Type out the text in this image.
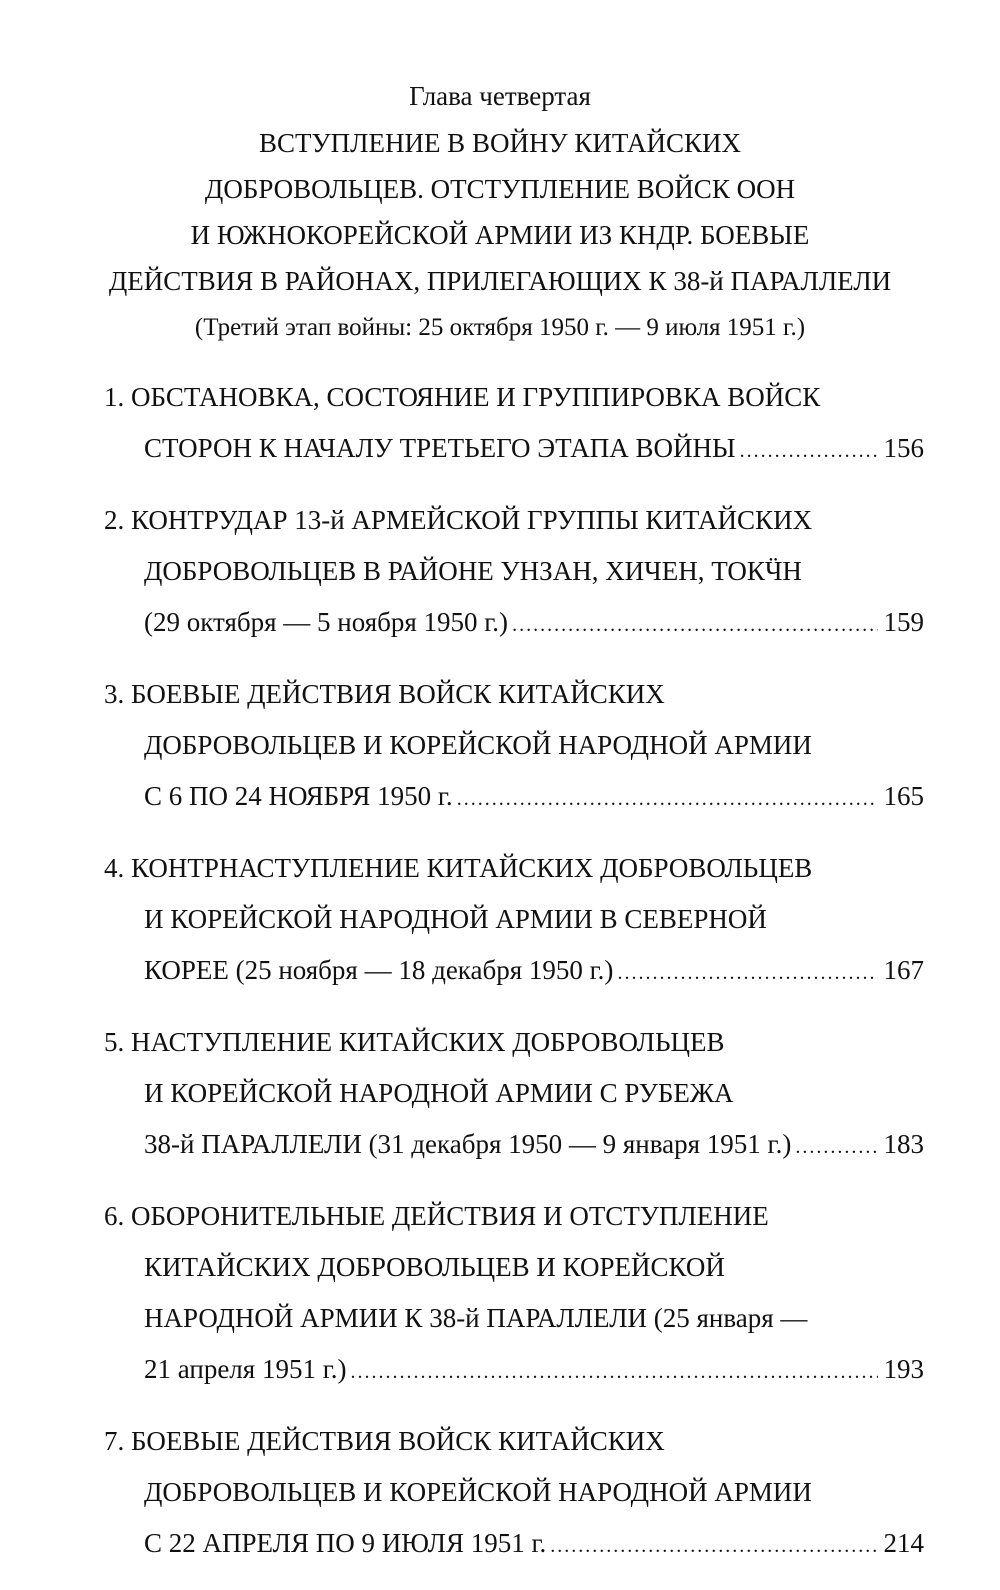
Глава четвертая

ВСТУПЛЕНИЕ В ВОЙНУ КИТАЙСКИХ
ДОБРОВОЛЬЦЕВ. ОТСТУПЛЕНИЕ ВОЙСК ООН
И ЮЖНОКОРЕЙСКОЙ АРМИИ ИЗ КНДР. БОЕВЫЕ
ДЕЙСТВИЯ В РАЙОНАХ, ПРИЛЕГАЮЩИХ К 38-й ПАРАЛЛЕЛИ

(Третий этап войны: 25 октября 1950 г. — 9 июля 1951 г.)

1. ОБСТАНОВКА, СОСТОЯНИЕ И ГРУППИРОВКА ВОЙСК
СТОРОН К НАЧАЛУ ТРЕТЬЕГО ЭТАПА ВОЙНЫ .....	156
2. КОНТРУДАР 13-й АРМЕЙСКОЙ ГРУППЫ КИТАЙСКИХ
ДОБРОВОЛЬЦЕВ В РАЙОНЕ УНЗАН, ХИЧЕН, ТОКӴН
(29 октября — 5 ноября 1950 г.) .....	159
3. БОЕВЫЕ ДЕЙСТВИЯ ВОЙСК КИТАЙСКИХ
ДОБРОВОЛЬЦЕВ И КОРЕЙСКОЙ НАРОДНОЙ АРМИИ
С 6 ПО 24 НОЯБРЯ 1950 г. .....	165
4. КОНТРНАСТУПЛЕНИЕ КИТАЙСКИХ ДОБРОВОЛЬЦЕВ
И КОРЕЙСКОЙ НАРОДНОЙ АРМИИ В СЕВЕРНОЙ
КОРЕЕ (25 ноября — 18 декабря 1950 г.) .....	167
5. НАСТУПЛЕНИЕ КИТАЙСКИХ ДОБРОВОЛЬЦЕВ
И КОРЕЙСКОЙ НАРОДНОЙ АРМИИ С РУБЕЖА
38-й ПАРАЛЛЕЛИ (31 декабря 1950 — 9 января 1951 г.) .....	183
6. ОБОРОНИТЕЛЬНЫЕ ДЕЙСТВИЯ И ОТСТУПЛЕНИЕ
КИТАЙСКИХ ДОБРОВОЛЬЦЕВ И КОРЕЙСКОЙ
НАРОДНОЙ АРМИИ К 38-й ПАРАЛЛЕЛИ (25 января —
21 апреля 1951 г.) .....	193
7. БОЕВЫЕ ДЕЙСТВИЯ ВОЙСК КИТАЙСКИХ
ДОБРОВОЛЬЦЕВ И КОРЕЙСКОЙ НАРОДНОЙ АРМИИ
С 22 АПРЕЛЯ ПО 9 ИЮЛЯ 1951 г. .....	214
